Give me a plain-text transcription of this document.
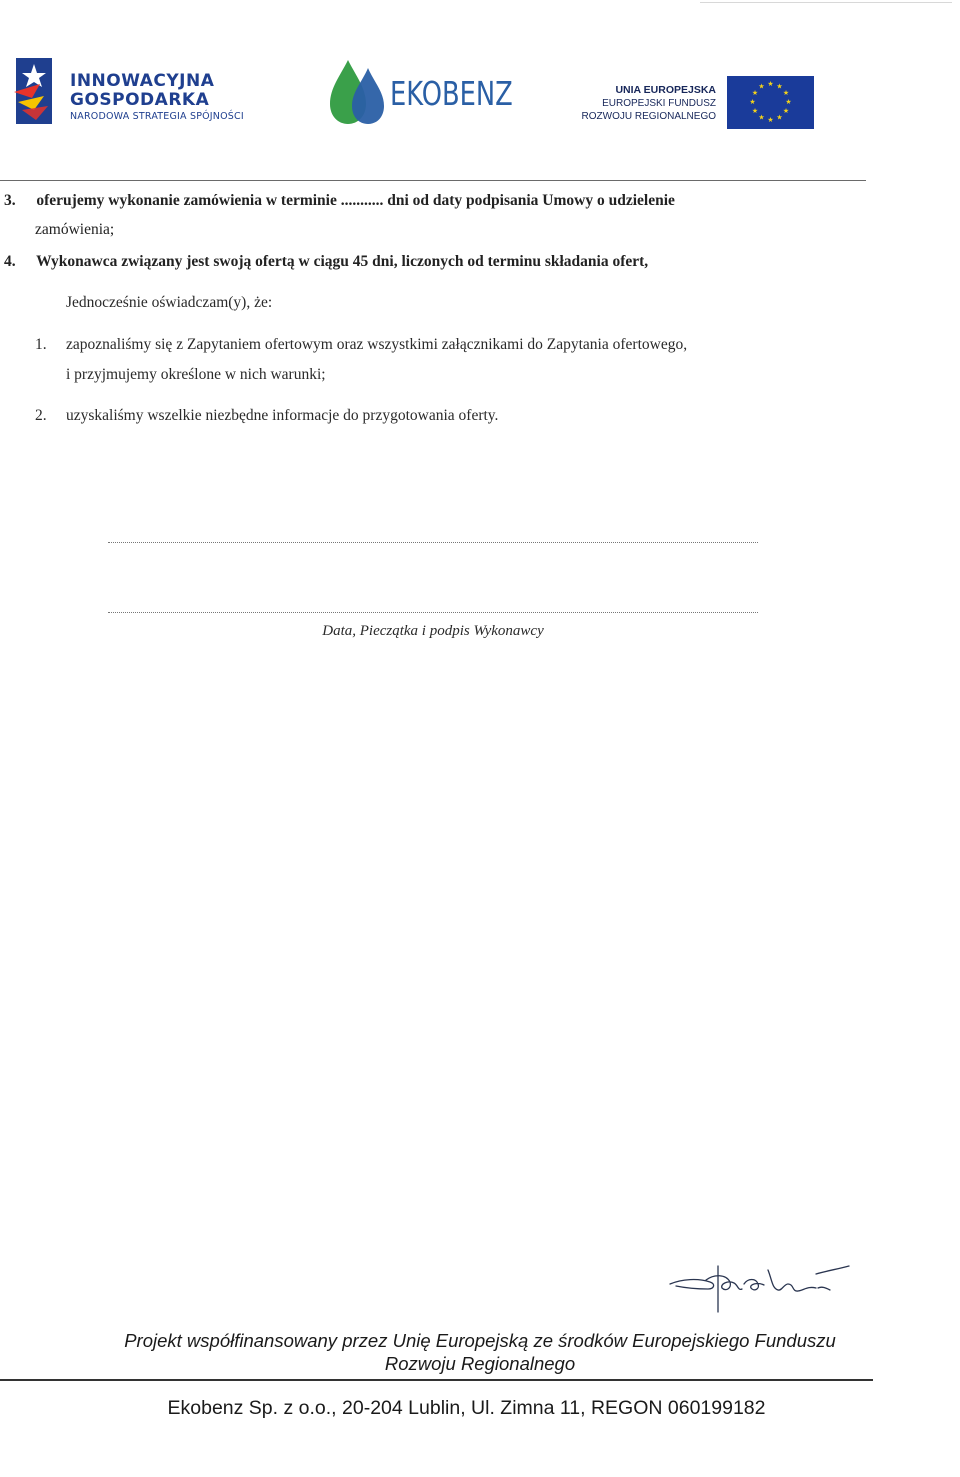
INNOWACYJNA
GOSPODARKA
NARODOWA STRATEGIA SPÓJNOŚCI
EKOBENZ	UNIA EUROPEJSKA
EUROPEJSKI FUNDUSZ
ROZWOJU REGIONALNEGO
★ ★
★
★
★
★
★
★
★
★
★
★
3. oferujemy wykonanie zamówienia w terminie ........... dni od daty podpisania Umowy o udzielenie
zamówienia;
4. Wykonawca związany jest swoją ofertą w ciągu 45 dni, liczonych od terminu składania ofert,
Jednocześnie oświadczam(y), że:
1. zapoznaliśmy się z Zapytaniem ofertowym oraz wszystkimi załącznikami do Zapytania ofertowego,
i przyjmujemy określone w nich warunki;
2. uzyskaliśmy wszelkie niezbędne informacje do przygotowania oferty.
Data, Pieczątka i podpis Wykonawcy
Projekt współfinansowany przez Unię Europejską ze środków Europejskiego Funduszu
Rozwoju Regionalnego
Ekobenz Sp. z o.o., 20-204 Lublin, Ul. Zimna 11, REGON 060199182
